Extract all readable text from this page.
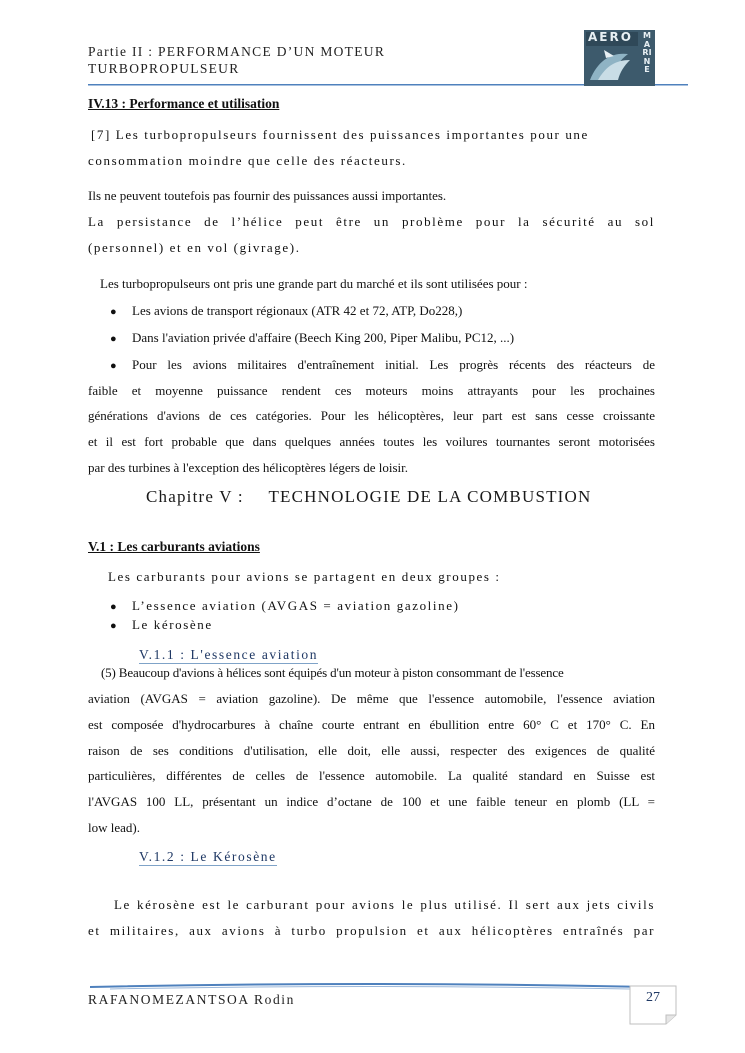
Partie II : PERFORMANCE D’UN MOTEUR
TURBOPROPULSEUR
AERO MARINE
IV.13 : Performance et utilisation
[7] Les turbopropulseurs fournissent des puissances importantes pour une
consommation moindre que celle des réacteurs.
Ils ne peuvent toutefois pas fournir des puissances aussi importantes.
La persistance de l’hélice peut être un problème pour la sécurité au sol
(personnel) et en vol (givrage).
Les turbopropulseurs ont pris une grande part du marché et ils sont utilisées pour :
● Les avions de transport régionaux (ATR 42 et 72, ATP, Do228,)
● Dans l'aviation privée d'affaire (Beech King 200, Piper Malibu, PC12, ...)
● Pour les avions militaires d'entraînement initial. Les progrès récents des réacteurs de
faible et moyenne puissance rendent ces moteurs moins attrayants pour les prochaines
générations d'avions de ces catégories. Pour les hélicoptères, leur part est sans cesse croissante
et il est fort probable que dans quelques années toutes les voilures tournantes seront motorisées
par des turbines à l'exception des hélicoptères légers de loisir.
Chapitre V : TECHNOLOGIE DE LA COMBUSTION
V.1 : Les carburants aviations
Les carburants pour avions se partagent en deux groupes :
● L’essence aviation (AVGAS = aviation gazoline)
● Le kérosène
V.1.1 : L'essence aviation
(5) Beaucoup d'avions à hélices sont équipés d'un moteur à piston consommant de l'essence
aviation (AVGAS = aviation gazoline). De même que l'essence automobile, l'essence aviation
est composée d'hydrocarbures à chaîne courte entrant en ébullition entre 60° C et 170° C. En
raison de ses conditions d'utilisation, elle doit, elle aussi, respecter des exigences de qualité
particulières, différentes de celles de l'essence automobile. La qualité standard en Suisse est
l'AVGAS 100 LL, présentant un indice d’octane de 100 et une faible teneur en plomb (LL =
low lead).
V.1.2 : Le Kérosène
Le kérosène est le carburant pour avions le plus utilisé. Il sert aux jets civils
et militaires, aux avions à turbo propulsion et aux hélicoptères entraînés par
RAFANOMEZANTSOA Rodin	27
